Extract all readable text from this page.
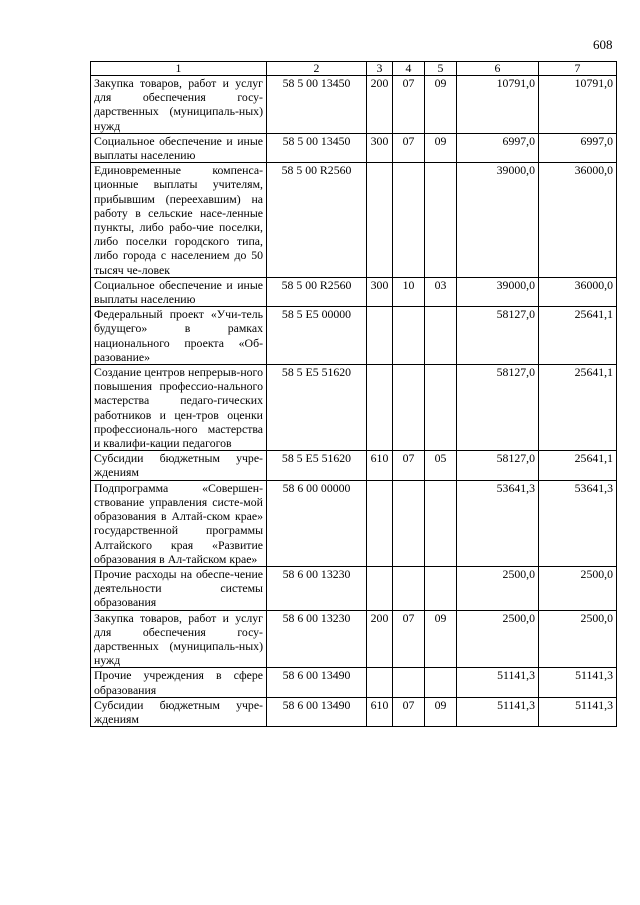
608
1	2	3	4	5	6	7
Закупка товаров, работ и услуг для обеспечения госу-дарственных (муниципаль-ных) нужд	58 5 00 13450	200	07	09	10791,0	10791,0
Социальное обеспечение и иные выплаты населению	58 5 00 13450	300	07	09	6997,0	6997,0
Единовременные компенса-ционные выплаты учителям, прибывшим (переехавшим) на работу в сельские насе-ленные пункты, либо рабо-чие поселки, либо поселки городского типа, либо города с населением до 50 тысяч че-ловек	58 5 00 R2560				39000,0	36000,0
Социальное обеспечение и иные выплаты населению	58 5 00 R2560	300	10	03	39000,0	36000,0
Федеральный проект «Учи-тель будущего» в рамках национального проекта «Об-разование»	58 5 E5 00000				58127,0	25641,1
Создание центров непрерыв-ного повышения профессио-нального мастерства педаго-гических работников и цен-тров оценки профессиональ-ного мастерства и квалифи-кации педагогов	58 5 E5 51620				58127,0	25641,1
Субсидии бюджетным учре-ждениям	58 5 E5 51620	610	07	05	58127,0	25641,1
Подпрограмма «Совершен-ствование управления систе-мой образования в Алтай-ском крае» государственной программы Алтайского края «Развитие образования в Ал-тайском крае»	58 6 00 00000				53641,3	53641,3
Прочие расходы на обеспе-чение деятельности системы образования	58 6 00 13230				2500,0	2500,0
Закупка товаров, работ и услуг для обеспечения госу-дарственных (муниципаль-ных) нужд	58 6 00 13230	200	07	09	2500,0	2500,0
Прочие учреждения в сфере образования	58 6 00 13490				51141,3	51141,3
Субсидии бюджетным учре-ждениям	58 6 00 13490	610	07	09	51141,3	51141,3
